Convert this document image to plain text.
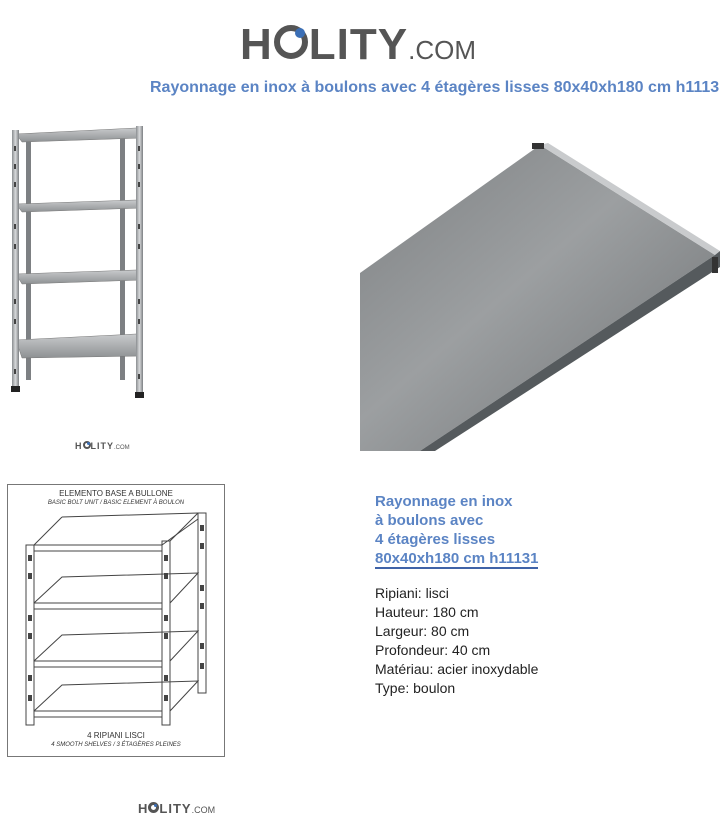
H LITY .COM
Rayonnage en inox à boulons avec 4 étagères lisses 80x40xh180 cm h1113
H LITY .COM
ELEMENTO BASE A BULLONE
BASIC BOLT UNIT / BASIC ELEMENT À BOULON
4 RIPIANI LISCI
4 SMOOTH SHELVES / 3 ÉTAGÈRES PLEINES
Rayonnage en inox
à boulons avec
4 étagères lisses
80x40xh180 cm h11131
Ripiani: lisci
Hauteur: 180 cm
Largeur: 80 cm
Profondeur: 40 cm
Matériau: acier inoxydable
Type: boulon
H LITY .COM
